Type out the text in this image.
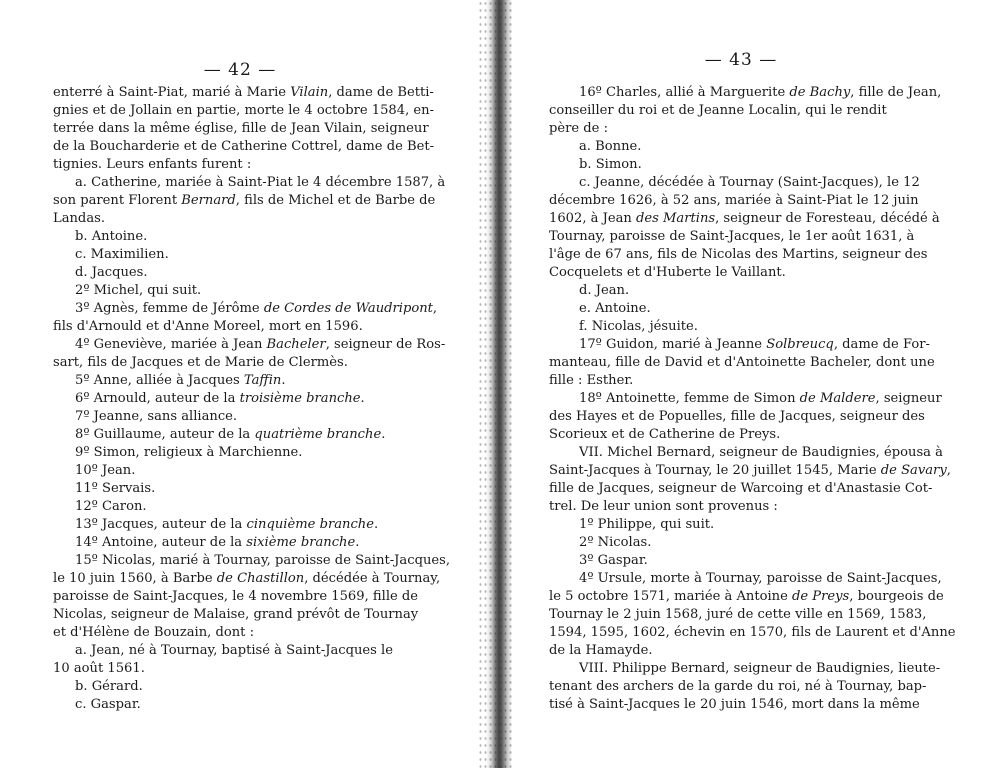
— 42 —
enterré à Saint-Piat, marié à Marie Vilain, dame de Betti-
gnies et de Jollain en partie, morte le 4 octobre 1584, en-
terrée dans la même église, fille de Jean Vilain, seigneur
de la Boucharderie et de Catherine Cottrel, dame de Bet-
tignies. Leurs enfants furent :
a. Catherine, mariée à Saint-Piat le 4 décembre 1587, à
son parent Florent Bernard, fils de Michel et de Barbe de
Landas.
b. Antoine.
c. Maximilien.
d. Jacques.
2º Michel, qui suit.
3º Agnès, femme de Jérôme de Cordes de Waudripont,
fils d'Arnould et d'Anne Moreel, mort en 1596.
4º Geneviève, mariée à Jean Bacheler, seigneur de Ros-
sart, fils de Jacques et de Marie de Clermès.
5º Anne, alliée à Jacques Taffin.
6º Arnould, auteur de la troisième branche.
7º Jeanne, sans alliance.
8º Guillaume, auteur de la quatrième branche.
9º Simon, religieux à Marchienne.
10º Jean.
11º Servais.
12º Caron.
13º Jacques, auteur de la cinquième branche.
14º Antoine, auteur de la sixième branche.
15º Nicolas, marié à Tournay, paroisse de Saint-Jacques,
le 10 juin 1560, à Barbe de Chastillon, décédée à Tournay,
paroisse de Saint-Jacques, le 4 novembre 1569, fille de
Nicolas, seigneur de Malaise, grand prévôt de Tournay
et d'Hélène de Bouzain, dont :
a. Jean, né à Tournay, baptisé à Saint-Jacques le
10 août 1561.
b. Gérard.
c. Gaspar.
— 43 —
16º Charles, allié à Marguerite de Bachy, fille de Jean,
conseiller du roi et de Jeanne Localin, qui le rendit
père de :
a. Bonne.
b. Simon.
c. Jeanne, décédée à Tournay (Saint-Jacques), le 12
décembre 1626, à 52 ans, mariée à Saint-Piat le 12 juin
1602, à Jean des Martins, seigneur de Foresteau, décédé à
Tournay, paroisse de Saint-Jacques, le 1er août 1631, à
l'âge de 67 ans, fils de Nicolas des Martins, seigneur des
Cocquelets et d'Huberte le Vaillant.
d. Jean.
e. Antoine.
f. Nicolas, jésuite.
17º Guidon, marié à Jeanne Solbreucq, dame de For-
manteau, fille de David et d'Antoinette Bacheler, dont une
fille : Esther.
18º Antoinette, femme de Simon de Maldere, seigneur
des Hayes et de Popuelles, fille de Jacques, seigneur des
Scorieux et de Catherine de Preys.
VII. Michel Bernard, seigneur de Baudignies, épousa à
Saint-Jacques à Tournay, le 20 juillet 1545, Marie de Savary,
fille de Jacques, seigneur de Warcoing et d'Anastasie Cot-
trel. De leur union sont provenus :
1º Philippe, qui suit.
2º Nicolas.
3º Gaspar.
4º Ursule, morte à Tournay, paroisse de Saint-Jacques,
le 5 octobre 1571, mariée à Antoine de Preys, bourgeois de
Tournay le 2 juin 1568, juré de cette ville en 1569, 1583,
1594, 1595, 1602, échevin en 1570, fils de Laurent et d'Anne
de la Hamayde.
VIII. Philippe Bernard, seigneur de Baudignies, lieute-
tenant des archers de la garde du roi, né à Tournay, bap-
tisé à Saint-Jacques le 20 juin 1546, mort dans la même
